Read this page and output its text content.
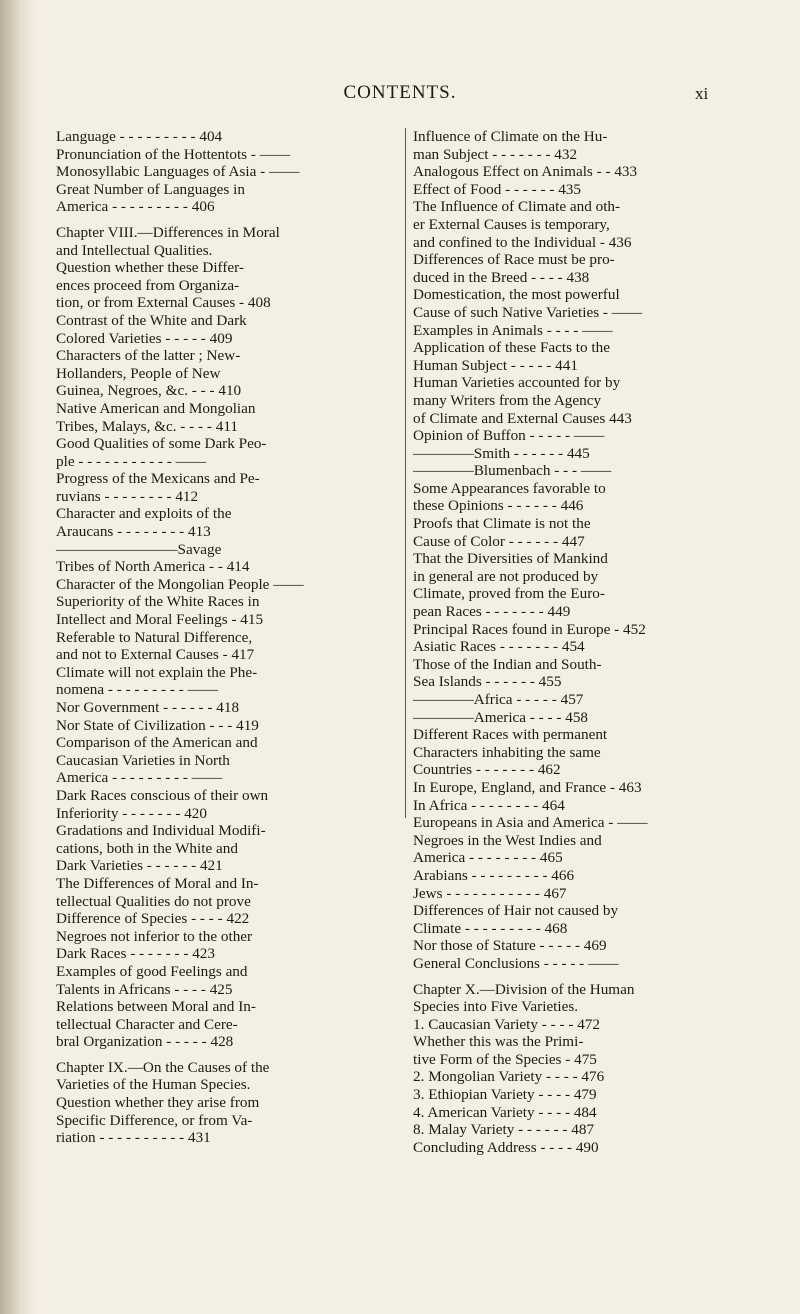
CONTENTS.	xi

Language - - - - - - - - - 404

Pronunciation of the Hottentots - ——

Monosyllabic Languages of Asia - ——

Great Number of Languages in

America - - - - - - - - - 406

Chapter VIII.—Differences in Moral

and Intellectual Qualities.

Question whether these Differ-

ences proceed from Organiza-

tion, or from External Causes - 408

Contrast of the White and Dark

Colored Varieties - - - - - 409

Characters of the latter ; New-

Hollanders, People of New

Guinea, Negroes, &c. - - - 410

Native American and Mongolian

Tribes, Malays, &c. - - - - 411

Good Qualities of some Dark Peo-

ple - - - - - - - - - - - ——

Progress of the Mexicans and Pe-

ruvians - - - - - - - - 412

Character and exploits of the

Araucans - - - - - - - - 413

————————Savage

Tribes of North America - - 414

Character of the Mongolian People ——

Superiority of the White Races in

Intellect and Moral Feelings - 415

Referable to Natural Difference,

and not to External Causes - 417

Climate will not explain the Phe-

nomena - - - - - - - - - ——

Nor Government - - - - - - 418

Nor State of Civilization - - - 419

Comparison of the American and

Caucasian Varieties in North

America - - - - - - - - - ——

Dark Races conscious of their own

Inferiority - - - - - - - 420

Gradations and Individual Modifi-

cations, both in the White and

Dark Varieties - - - - - - 421

The Differences of Moral and In-

tellectual Qualities do not prove

Difference of Species - - - - 422

Negroes not inferior to the other

Dark Races - - - - - - - 423

Examples of good Feelings and

Talents in Africans - - - - 425

Relations between Moral and In-

tellectual Character and Cere-

bral Organization - - - - - 428

Chapter IX.—On the Causes of the

Varieties of the Human Species.

Question whether they arise from

Specific Difference, or from Va-

riation - - - - - - - - - - 431

Influence of Climate on the Hu-

man Subject - - - - - - - 432

Analogous Effect on Animals - - 433

Effect of Food - - - - - - 435

The Influence of Climate and oth-

er External Causes is temporary,

and confined to the Individual - 436

Differences of Race must be pro-

duced in the Breed - - - - 438

Domestication, the most powerful

Cause of such Native Varieties - ——

Examples in Animals - - - - ——

Application of these Facts to the

Human Subject - - - - - 441

Human Varieties accounted for by

many Writers from the Agency

of Climate and External Causes 443

Opinion of Buffon - - - - - ——

————Smith - - - - - - 445

————Blumenbach - - - ——

Some Appearances favorable to

these Opinions - - - - - - 446

Proofs that Climate is not the

Cause of Color - - - - - - 447

That the Diversities of Mankind

in general are not produced by

Climate, proved from the Euro-

pean Races - - - - - - - 449

Principal Races found in Europe - 452

Asiatic Races - - - - - - - 454

Those of the Indian and South-

Sea Islands - - - - - - 455

————Africa - - - - - 457

————America - - - - 458

Different Races with permanent

Characters inhabiting the same

Countries - - - - - - - 462

In Europe, England, and France - 463

In Africa - - - - - - - - 464

Europeans in Asia and America - ——

Negroes in the West Indies and

America - - - - - - - - 465

Arabians - - - - - - - - - 466

Jews - - - - - - - - - - - 467

Differences of Hair not caused by

Climate - - - - - - - - - 468

Nor those of Stature - - - - - 469

General Conclusions - - - - - ——

Chapter X.—Division of the Human

Species into Five Varieties.

1. Caucasian Variety - - - - 472

Whether this was the Primi-

tive Form of the Species - 475

2. Mongolian Variety - - - - 476

3. Ethiopian Variety - - - - 479

4. American Variety - - - - 484

8. Malay Variety - - - - - - 487

Concluding Address - - - - 490
